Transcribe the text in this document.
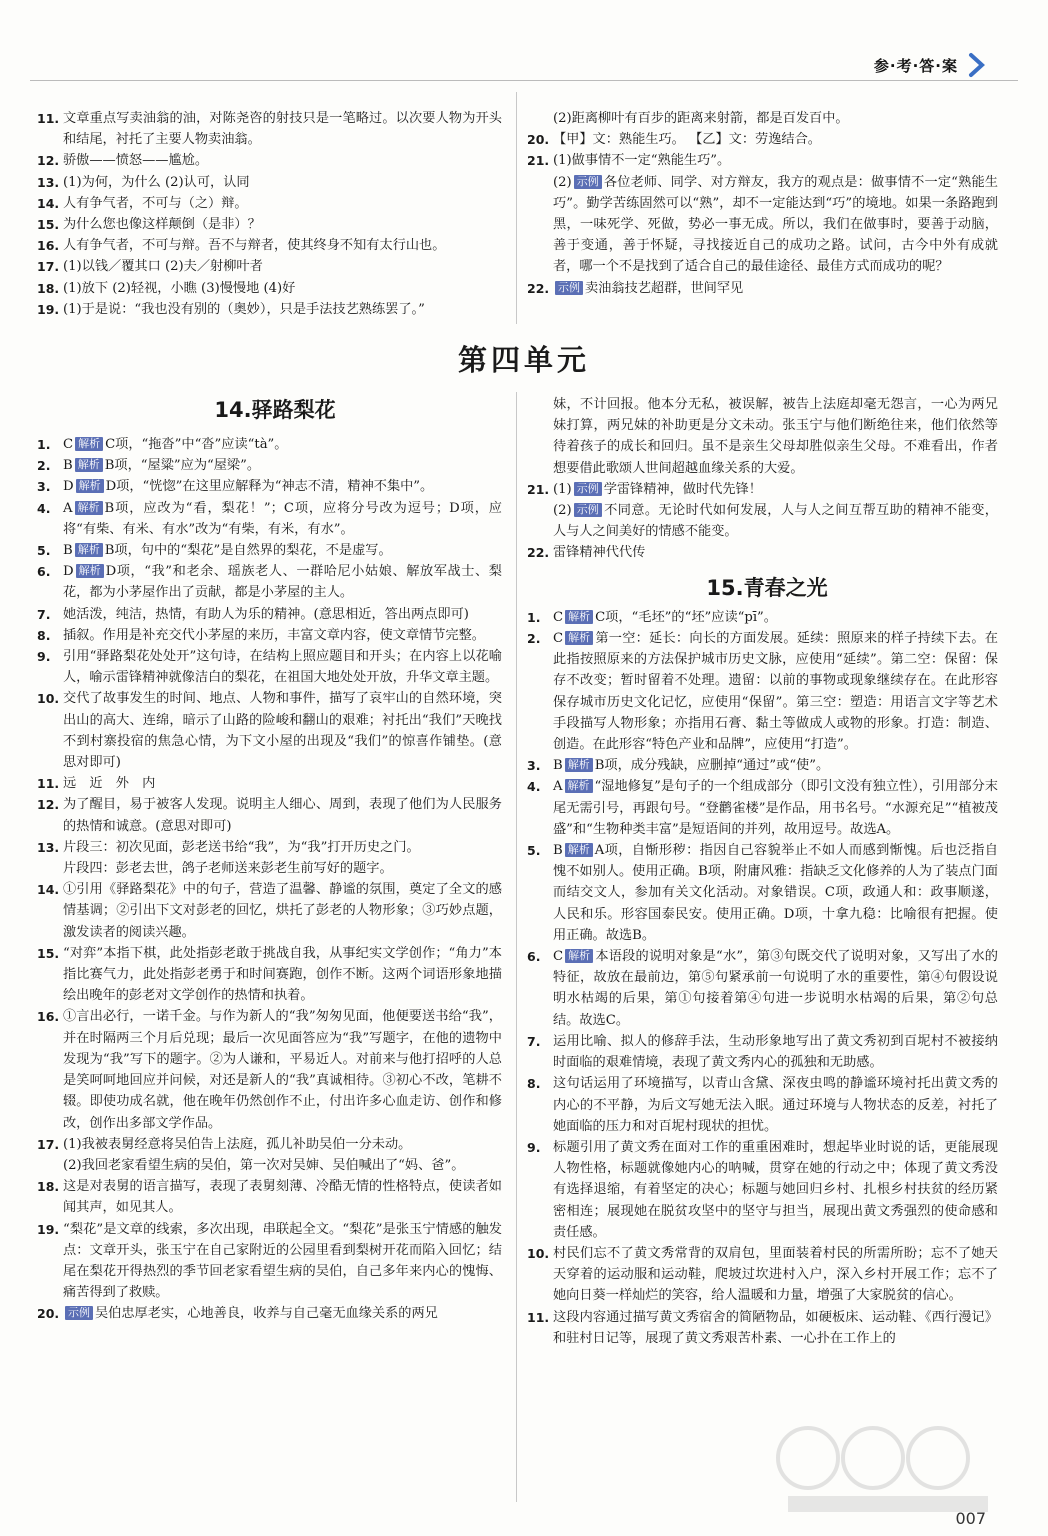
参·考·答·案
11. 文章重点写卖油翁的油，对陈尧咨的射技只是一笔略过。以次要人物为开头和结尾，衬托了主要人物卖油翁。
12. 骄傲——愤怒——尴尬。
13. (1)为何，为什么 (2)认可，认同
14. 人有争气者，不可与（之）辩。
15. 为什么您也像这样颠倒（是非）？
16. 人有争气者，不可与辩。吾不与辩者，使其终身不知有太行山也。
17. (1)以钱／覆其口 (2)夫／射柳叶者
18. (1)放下 (2)轻视，小瞧 (3)慢慢地 (4)好
19. (1)于是说：“我也没有别的（奥妙），只是手法技艺熟练罢了。”
(2)距离柳叶有百步的距离来射箭，都是百发百中。
20. 【甲】文：熟能生巧。 【乙】文：劳逸结合。
21. (1)做事情不一定“熟能生巧”。
(2) 示例 各位老师、同学、对方辩友，我方的观点是：做事情不一定“熟能生巧”。勤学苦练固然可以“熟”，却不一定能达到“巧”的境地。如果一条路跑到黑，一味死学、死做，势必一事无成。所以，我们在做事时，要善于动脑，善于变通，善于怀疑，寻找接近自己的成功之路。试问，古今中外有成就者，哪一个不是找到了适合自己的最佳途径、最佳方式而成功的呢？
22. 示例 卖油翁技艺超群，世间罕见
第四单元
14.驿路梨花
1. C 解析 C项，“拖沓”中“沓”应读“tà”。
2. B 解析 B项，“屋粱”应为“屋梁”。
3. D 解析 D项，“恍惚”在这里应解释为“神志不清，精神不集中”。
4. A 解析 B项，应改为“看，梨花！”；C项，应将分号改为逗号；D项，应将“有柴、有米、有水”改为“有柴，有米，有水”。
5. B 解析 B项，句中的“梨花”是自然界的梨花，不是虚写。
6. D 解析 D项，“我”和老余、瑶族老人、一群哈尼小姑娘、解放军战士、梨花，都为小茅屋作出了贡献，都是小茅屋的主人。
7. 她活泼，纯洁，热情，有助人为乐的精神。(意思相近，答出两点即可)
8. 插叙。作用是补充交代小茅屋的来历，丰富文章内容，使文章情节完整。
9. 引用“驿路梨花处处开”这句诗，在结构上照应题目和开头；在内容上以花喻人，喻示雷锋精神就像洁白的梨花，在祖国大地处处开放，升华文章主题。
10. 交代了故事发生的时间、地点、人物和事件，描写了哀牢山的自然环境，突出山的高大、连绵，暗示了山路的险峻和翻山的艰难；衬托出“我们”天晚找不到村寨投宿的焦急心情，为下文小屋的出现及“我们”的惊喜作铺垫。(意思对即可)
11. 远　近　外　内
12. 为了醒目，易于被客人发现。说明主人细心、周到，表现了他们为人民服务的热情和诚意。(意思对即可)
13. 片段三：初次见面，彭老送书给“我”，为“我”打开历史之门。
片段四：彭老去世，鸽子老师送来彭老生前写好的题字。
14. ①引用《驿路梨花》中的句子，营造了温馨、静谧的氛围，奠定了全文的感情基调；②引出下文对彭老的回忆，烘托了彭老的人物形象；③巧妙点题，激发读者的阅读兴趣。
15. “对弈”本指下棋，此处指彭老敢于挑战自我，从事纪实文学创作；“角力”本指比赛气力，此处指彭老勇于和时间赛跑，创作不断。这两个词语形象地描绘出晚年的彭老对文学创作的热情和执着。
16. ①言出必行，一诺千金。与作为新人的“我”匆匆见面，他便要送书给“我”，并在时隔两三个月后兑现；最后一次见面答应为“我”写题字，在他的遗物中发现为“我”写下的题字。②为人谦和，平易近人。对前来与他打招呼的人总是笑呵呵地回应并问候，对还是新人的“我”真诚相待。③初心不改，笔耕不辍。即使功成名就，他在晚年仍然创作不止，付出许多心血走访、创作和修改，创作出多部文学作品。
17. (1)我被表舅经意将吴伯告上法庭，孤儿补助吴伯一分未动。
(2)我回老家看望生病的吴伯，第一次对吴婶、吴伯喊出了“妈、爸”。
18. 这是对表舅的语言描写，表现了表舅刻薄、冷酷无情的性格特点，使读者如闻其声，如见其人。
19. “梨花”是文章的线索，多次出现，串联起全文。“梨花”是张玉宁情感的触发点：文章开头，张玉宁在自己家附近的公园里看到梨树开花而陷入回忆；结尾在梨花开得热烈的季节回老家看望生病的吴伯，自己多年来内心的愧悔、痛苦得到了救赎。
20. 示例 吴伯忠厚老实，心地善良，收养与自己毫无血缘关系的两兄
妹，不计回报。他本分无私，被误解，被告上法庭却毫无怨言，一心为两兄妹打算，两兄妹的补助更是分文未动。张玉宁与他们断绝往来，他们依然等待着孩子的成长和回归。虽不是亲生父母却胜似亲生父母。不难看出，作者想要借此歌颂人世间超越血缘关系的大爱。
21. (1) 示例 学雷锋精神，做时代先锋！
(2) 示例 不同意。无论时代如何发展，人与人之间互帮互助的精神不能变，人与人之间美好的情感不能变。
22. 雷锋精神代代传
15.青春之光
1. C 解析 C项，“毛坯”的“坯”应读“pī”。
2. C 解析 第一空：延长：向长的方面发展。延续：照原来的样子持续下去。在此指按照原来的方法保护城市历史文脉，应使用“延续”。第二空：保留：保存不改变；暂时留着不处理。遗留：以前的事物或现象继续存在。在此形容保存城市历史文化记忆，应使用“保留”。第三空：塑造：用语言文字等艺术手段描写人物形象；亦指用石膏、黏土等做成人或物的形象。打造：制造、创造。在此形容“特色产业和品牌”，应使用“打造”。
3. B 解析 B项，成分残缺，应删掉“通过”或“使”。
4. A 解析 “湿地修复”是句子的一个组成部分（即引文没有独立性），引用部分末尾无需引号，再跟句号。“登鹳雀楼”是作品，用书名号。“水源充足”“植被茂盛”和“生物种类丰富”是短语间的并列，故用逗号。故选A。
5. B 解析 A项，自惭形秽：指因自己容貌举止不如人而感到惭愧。后也泛指自愧不如别人。使用正确。B项，附庸风雅：指缺乏文化修养的人为了装点门面而结交文人，参加有关文化活动。对象错误。C项，政通人和：政事顺遂，人民和乐。形容国泰民安。使用正确。D项，十拿九稳：比喻很有把握。使用正确。故选B。
6. C 解析 本语段的说明对象是“水”，第③句既交代了说明对象，又写出了水的特征，故放在最前边，第⑤句紧承前一句说明了水的重要性，第④句假设说明水枯竭的后果，第①句接着第④句进一步说明水枯竭的后果，第②句总结。故选C。
7. 运用比喻、拟人的修辞手法，生动形象地写出了黄文秀初到百坭村不被接纳时面临的艰难情境，表现了黄文秀内心的孤独和无助感。
8. 这句话运用了环境描写，以青山含黛、深夜虫鸣的静谧环境衬托出黄文秀的内心的不平静，为后文写她无法入眠。通过环境与人物状态的反差，衬托了她面临的压力和对百坭村现状的担忧。
9. 标题引用了黄文秀在面对工作的重重困难时，想起毕业时说的话，更能展现人物性格，标题就像她内心的呐喊，贯穿在她的行动之中；体现了黄文秀没有选择退缩，有着坚定的决心；标题与她回归乡村、扎根乡村扶贫的经历紧密相连；展现她在脱贫攻坚中的坚守与担当，展现出黄文秀强烈的使命感和责任感。
10. 村民们忘不了黄文秀常背的双肩包，里面装着村民的所需所盼；忘不了她天天穿着的运动服和运动鞋，爬坡过坎进村入户，深入乡村开展工作；忘不了她向日葵一样灿烂的笑容，给人温暖和力量，增强了大家脱贫的信心。
11. 这段内容通过描写黄文秀宿舍的简陋物品，如硬板床、运动鞋、《西行漫记》和驻村日记等，展现了黄文秀艰苦朴素、一心扑在工作上的
007
